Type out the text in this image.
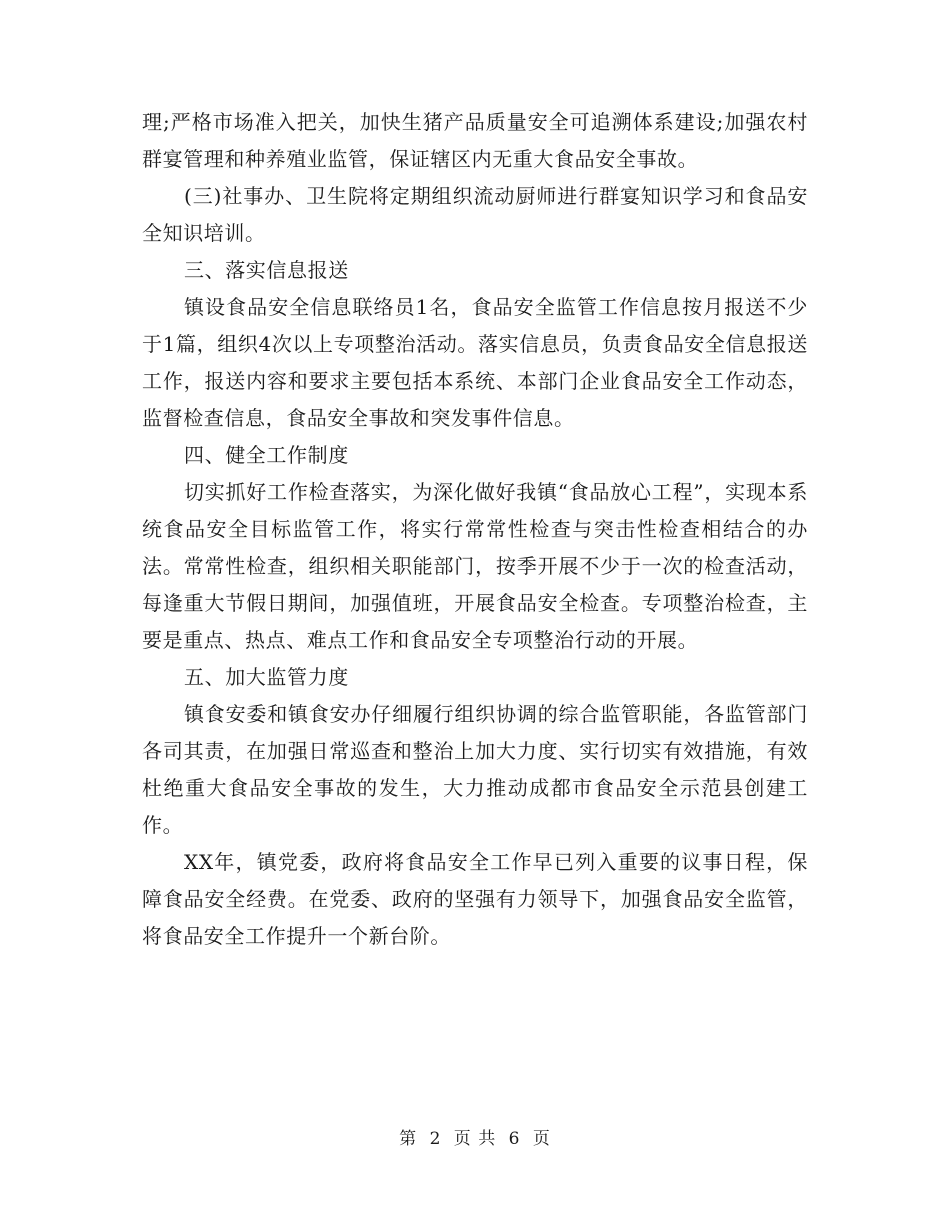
理;严格市场准入把关，加快生猪产品质量安全可追溯体系建设;加强农村群宴管理和种养殖业监管，保证辖区内无重大食品安全事故。

(三)社事办、卫生院将定期组织流动厨师进行群宴知识学习和食品安全知识培训。

三、落实信息报送

镇设食品安全信息联络员1名，食品安全监管工作信息按月报送不少于1篇，组织4次以上专项整治活动。落实信息员，负责食品安全信息报送工作，报送内容和要求主要包括本系统、本部门企业食品安全工作动态，监督检查信息，食品安全事故和突发事件信息。

四、健全工作制度

切实抓好工作检查落实，为深化做好我镇“食品放心工程”，实现本系统食品安全目标监管工作，将实行常常性检查与突击性检查相结合的办法。常常性检查，组织相关职能部门，按季开展不少于一次的检查活动，每逢重大节假日期间，加强值班，开展食品安全检查。专项整治检查，主要是重点、热点、难点工作和食品安全专项整治行动的开展。

五、加大监管力度

镇食安委和镇食安办仔细履行组织协调的综合监管职能，各监管部门各司其责，在加强日常巡查和整治上加大力度、实行切实有效措施，有效杜绝重大食品安全事故的发生，大力推动成都市食品安全示范县创建工作。

XX年，镇党委，政府将食品安全工作早已列入重要的议事日程，保障食品安全经费。在党委、政府的坚强有力领导下，加强食品安全监管，将食品安全工作提升一个新台阶。

第 2 页 共 6 页
